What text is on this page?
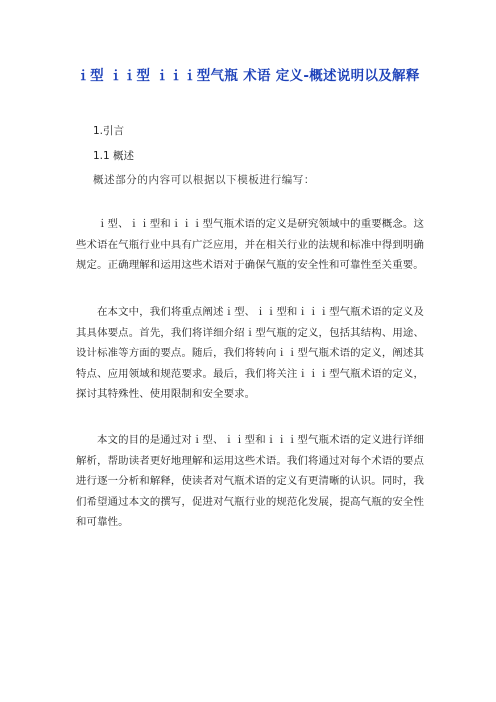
ｉ型 ｉｉ型 ｉｉｉ型气瓶 术语 定义-概述说明以及解释
1.引言
1.1 概述
概述部分的内容可以根据以下模板进行编写：

ｉ型、ｉｉ型和ｉｉｉ型气瓶术语的定义是研究领域中的重要概念。这些术语在气瓶行业中具有广泛应用，并在相关行业的法规和标准中得到明确规定。正确理解和运用这些术语对于确保气瓶的安全性和可靠性至关重要。

在本文中，我们将重点阐述ｉ型、ｉｉ型和ｉｉｉ型气瓶术语的定义及其具体要点。首先，我们将详细介绍ｉ型气瓶的定义，包括其结构、用途、设计标准等方面的要点。随后，我们将转向ｉｉ型气瓶术语的定义，阐述其特点、应用领域和规范要求。最后，我们将关注ｉｉｉ型气瓶术语的定义，探讨其特殊性、使用限制和安全要求。

本文的目的是通过对ｉ型、ｉｉ型和ｉｉｉ型气瓶术语的定义进行详细解析，帮助读者更好地理解和运用这些术语。我们将通过对每个术语的要点进行逐一分析和解释，使读者对气瓶术语的定义有更清晰的认识。同时，我们希望通过本文的撰写，促进对气瓶行业的规范化发展，提高气瓶的安全性和可靠性。
